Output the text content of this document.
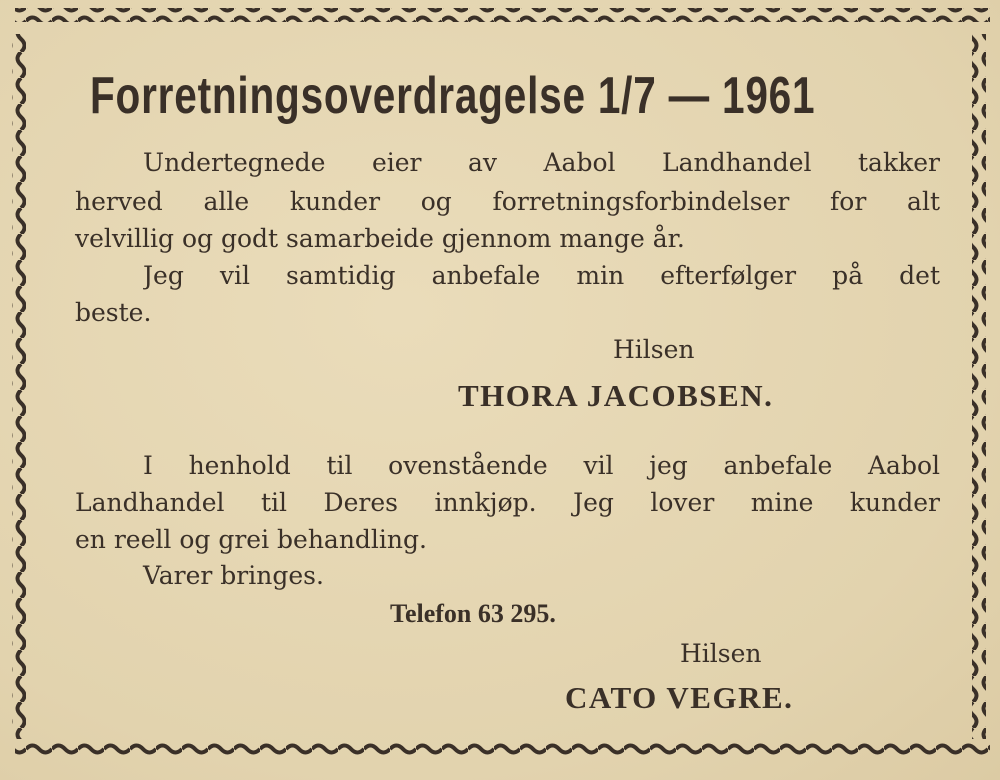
Forretningsoverdragelse 1/7 — 1961
Undertegnede eier av Aabol Landhandel takker
herved alle kunder og forretningsforbindelser for alt
velvillig og godt samarbeide gjennom mange år.
Jeg vil samtidig anbefale min efterfølger på det
beste.
Hilsen
THORA JACOBSEN.
I henhold til ovenstående vil jeg anbefale Aabol
Landhandel til Deres innkjøp. Jeg lover mine kunder
en reell og grei behandling.
Varer bringes.
Telefon 63 295.
Hilsen
CATO VEGRE.
